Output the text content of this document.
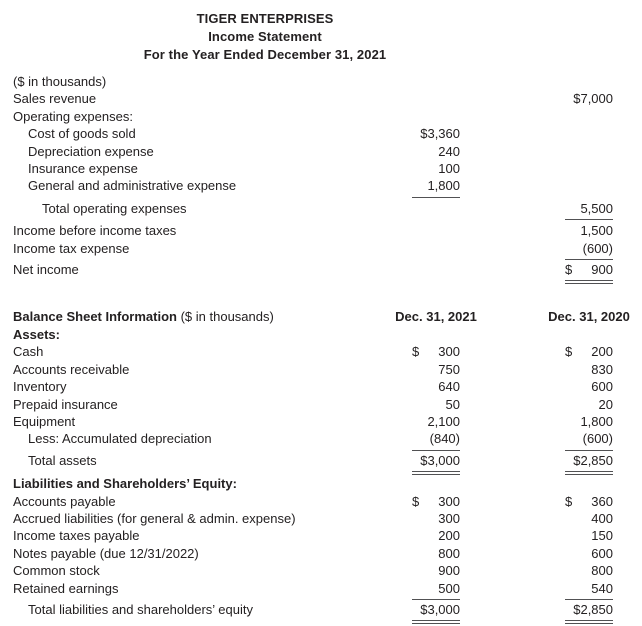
TIGER ENTERPRISES
Income Statement
For the Year Ended December 31, 2021
($ in thousands)
Sales revenue	$7,000
Operating expenses:
Cost of goods sold	$3,360
Depreciation expense	240
Insurance expense	100
General and administrative expense	1,800
Total operating expenses	5,500
Income before income taxes	1,500
Income tax expense	(600)
Net income	$ 900
Balance Sheet Information ($ in thousands)	Dec. 31, 2021	Dec. 31, 2020
Assets:
Cash	$ 300	$ 200
Accounts receivable	750	830
Inventory	640	600
Prepaid insurance	50	20
Equipment	2,100	1,800
Less: Accumulated depreciation	(840)	(600)
Total assets	$3,000	$2,850
Liabilities and Shareholders’ Equity:
Accounts payable	$ 300	$ 360
Accrued liabilities (for general & admin. expense)	300	400
Income taxes payable	200	150
Notes payable (due 12/31/2022)	800	600
Common stock	900	800
Retained earnings	500	540
Total liabilities and shareholders’ equity	$3,000	$2,850
